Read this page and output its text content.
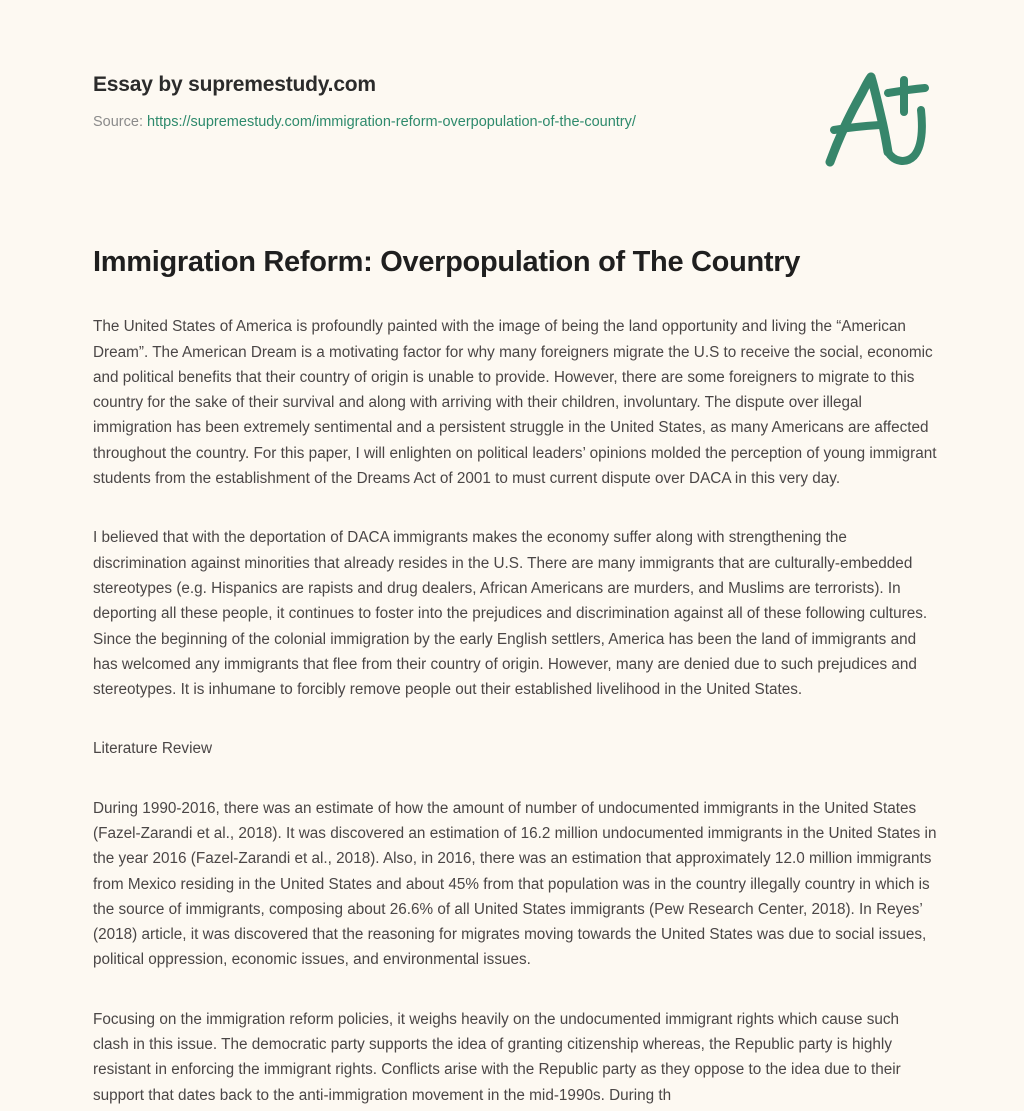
Essay by supremestudy.com
Source: https://supremestudy.com/immigration-reform-overpopulation-of-the-country/
Immigration Reform: Overpopulation of The Country

The United States of America is profoundly painted with the image of being the land opportunity and living the “American Dream”. The American Dream is a motivating factor for why many foreigners migrate the U.S to receive the social, economic and political benefits that their country of origin is unable to provide. However, there are some foreigners to migrate to this country for the sake of their survival and along with arriving with their children, involuntary. The dispute over illegal immigration has been extremely sentimental and a persistent struggle in the United States, as many Americans are affected throughout the country. For this paper, I will enlighten on political leaders’ opinions molded the perception of young immigrant students from the establishment of the Dreams Act of 2001 to must current dispute over DACA in this very day.

I believed that with the deportation of DACA immigrants makes the economy suffer along with strengthening the discrimination against minorities that already resides in the U.S. There are many immigrants that are culturally-embedded stereotypes (e.g. Hispanics are rapists and drug dealers, African Americans are murders, and Muslims are terrorists). In deporting all these people, it continues to foster into the prejudices and discrimination against all of these following cultures. Since the beginning of the colonial immigration by the early English settlers, America has been the land of immigrants and has welcomed any immigrants that flee from their country of origin. However, many are denied due to such prejudices and stereotypes. It is inhumane to forcibly remove people out their established livelihood in the United States.

Literature Review

During 1990-2016, there was an estimate of how the amount of number of undocumented immigrants in the United States (Fazel-Zarandi et al., 2018). It was discovered an estimation of 16.2 million undocumented immigrants in the United States in the year 2016 (Fazel-Zarandi et al., 2018). Also, in 2016, there was an estimation that approximately 12.0 million immigrants from Mexico residing in the United States and about 45% from that population was in the country illegally country in which is the source of immigrants, composing about 26.6% of all United States immigrants (Pew Research Center, 2018). In Reyes’ (2018) article, it was discovered that the reasoning for migrates moving towards the United States was due to social issues, political oppression, economic issues, and environmental issues.

Focusing on the immigration reform policies, it weighs heavily on the undocumented immigrant rights which cause such clash in this issue. The democratic party supports the idea of granting citizenship whereas, the Republic party is highly resistant in enforcing the immigrant rights. Conflicts arise with the Republic party as they oppose to the idea due to their support that dates back to the anti-immigration movement in the mid-1990s. During th
